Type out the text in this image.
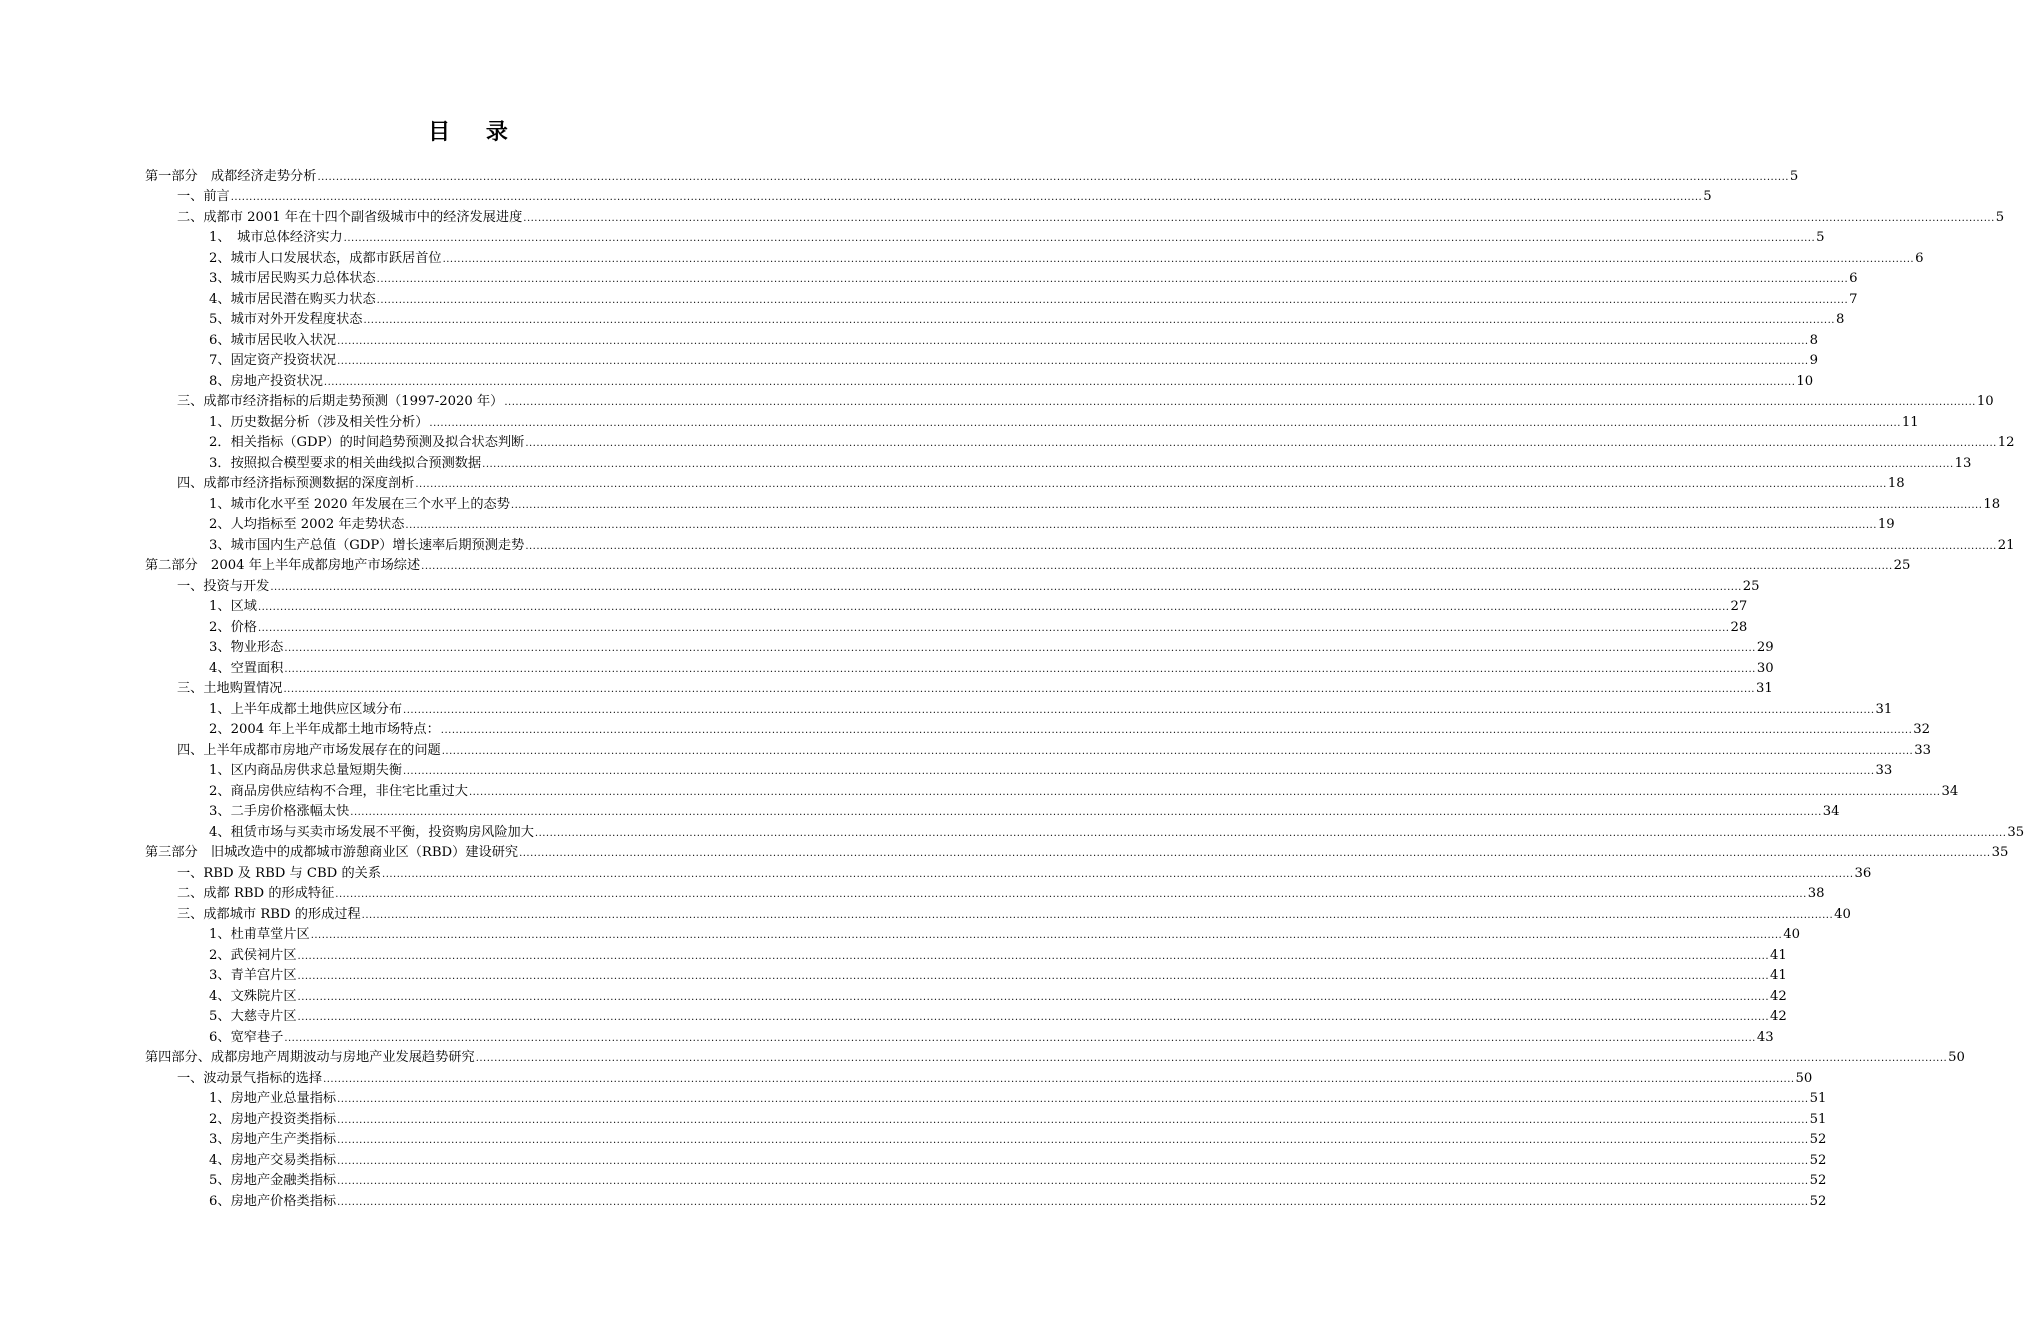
目 录
第一部分　成都经济走势分析 ................................................................................................................................................................................................................................................................................................................................................................................................................ 5
一、前言 ................................................................................................................................................................................................................................................................................................................................................................................................................ 5
二、成都市 2001 年在十四个副省级城市中的经济发展进度 ................................................................................................................................................................................................................................................................................................................................................................................................................ 5
1、　城市总体经济实力 ................................................................................................................................................................................................................................................................................................................................................................................................................ 5
2、城市人口发展状态，成都市跃居首位 ................................................................................................................................................................................................................................................................................................................................................................................................................ 6
3、城市居民购买力总体状态 ................................................................................................................................................................................................................................................................................................................................................................................................................ 6
4、城市居民潜在购买力状态 ................................................................................................................................................................................................................................................................................................................................................................................................................ 7
5、城市对外开发程度状态 ................................................................................................................................................................................................................................................................................................................................................................................................................ 8
6、城市居民收入状况 ................................................................................................................................................................................................................................................................................................................................................................................................................ 8
7、固定资产投资状况 ................................................................................................................................................................................................................................................................................................................................................................................................................ 9
8、房地产投资状况 ................................................................................................................................................................................................................................................................................................................................................................................................................ 10
三、成都市经济指标的后期走势预测（1997-2020 年） ................................................................................................................................................................................................................................................................................................................................................................................................................ 10
1、历史数据分析（涉及相关性分析） ................................................................................................................................................................................................................................................................................................................................................................................................................ 11
2．相关指标（GDP）的时间趋势预测及拟合状态判断 ................................................................................................................................................................................................................................................................................................................................................................................................................ 12
3．按照拟合模型要求的相关曲线拟合预测数据 ................................................................................................................................................................................................................................................................................................................................................................................................................ 13
四、成都市经济指标预测数据的深度剖析 ................................................................................................................................................................................................................................................................................................................................................................................................................ 18
1、城市化水平至 2020 年发展在三个水平上的态势 ................................................................................................................................................................................................................................................................................................................................................................................................................ 18
2、人均指标至 2002 年走势状态 ................................................................................................................................................................................................................................................................................................................................................................................................................ 19
3、城市国内生产总值（GDP）增长速率后期预测走势 ................................................................................................................................................................................................................................................................................................................................................................................................................ 21
第二部分　2004 年上半年成都房地产市场综述 ................................................................................................................................................................................................................................................................................................................................................................................................................ 25
一、投资与开发 ................................................................................................................................................................................................................................................................................................................................................................................................................ 25
1、区域 ................................................................................................................................................................................................................................................................................................................................................................................................................ 27
2、价格 ................................................................................................................................................................................................................................................................................................................................................................................................................ 28
3、物业形态 ................................................................................................................................................................................................................................................................................................................................................................................................................ 29
4、空置面积 ................................................................................................................................................................................................................................................................................................................................................................................................................ 30
三、土地购置情况 ................................................................................................................................................................................................................................................................................................................................................................................................................ 31
1、上半年成都土地供应区域分布 ................................................................................................................................................................................................................................................................................................................................................................................................................ 31
2、2004 年上半年成都土地市场特点： ................................................................................................................................................................................................................................................................................................................................................................................................................ 32
四、上半年成都市房地产市场发展存在的问题 ................................................................................................................................................................................................................................................................................................................................................................................................................ 33
1、区内商品房供求总量短期失衡 ................................................................................................................................................................................................................................................................................................................................................................................................................ 33
2、商品房供应结构不合理，非住宅比重过大 ................................................................................................................................................................................................................................................................................................................................................................................................................ 34
3、二手房价格涨幅太快 ................................................................................................................................................................................................................................................................................................................................................................................................................ 34
4、租赁市场与买卖市场发展不平衡，投资购房风险加大 ................................................................................................................................................................................................................................................................................................................................................................................................................ 35
第三部分　旧城改造中的成都城市游憩商业区（RBD）建设研究 ................................................................................................................................................................................................................................................................................................................................................................................................................ 35
一、RBD 及 RBD 与 CBD 的关系 ................................................................................................................................................................................................................................................................................................................................................................................................................ 36
二、成都 RBD 的形成特征 ................................................................................................................................................................................................................................................................................................................................................................................................................ 38
三、成都城市 RBD 的形成过程 ................................................................................................................................................................................................................................................................................................................................................................................................................ 40
1、杜甫草堂片区 ................................................................................................................................................................................................................................................................................................................................................................................................................ 40
2、武侯祠片区 ................................................................................................................................................................................................................................................................................................................................................................................................................ 41
3、青羊宫片区 ................................................................................................................................................................................................................................................................................................................................................................................................................ 41
4、文殊院片区 ................................................................................................................................................................................................................................................................................................................................................................................................................ 42
5、大慈寺片区 ................................................................................................................................................................................................................................................................................................................................................................................................................ 42
6、宽窄巷子 ................................................................................................................................................................................................................................................................................................................................................................................................................ 43
第四部分、成都房地产周期波动与房地产业发展趋势研究 ................................................................................................................................................................................................................................................................................................................................................................................................................ 50
一、波动景气指标的选择 ................................................................................................................................................................................................................................................................................................................................................................................................................ 50
1、房地产业总量指标 ................................................................................................................................................................................................................................................................................................................................................................................................................ 51
2、房地产投资类指标 ................................................................................................................................................................................................................................................................................................................................................................................................................ 51
3、房地产生产类指标 ................................................................................................................................................................................................................................................................................................................................................................................................................ 52
4、房地产交易类指标 ................................................................................................................................................................................................................................................................................................................................................................................................................ 52
5、房地产金融类指标 ................................................................................................................................................................................................................................................................................................................................................................................................................ 52
6、房地产价格类指标 ................................................................................................................................................................................................................................................................................................................................................................................................................ 52
